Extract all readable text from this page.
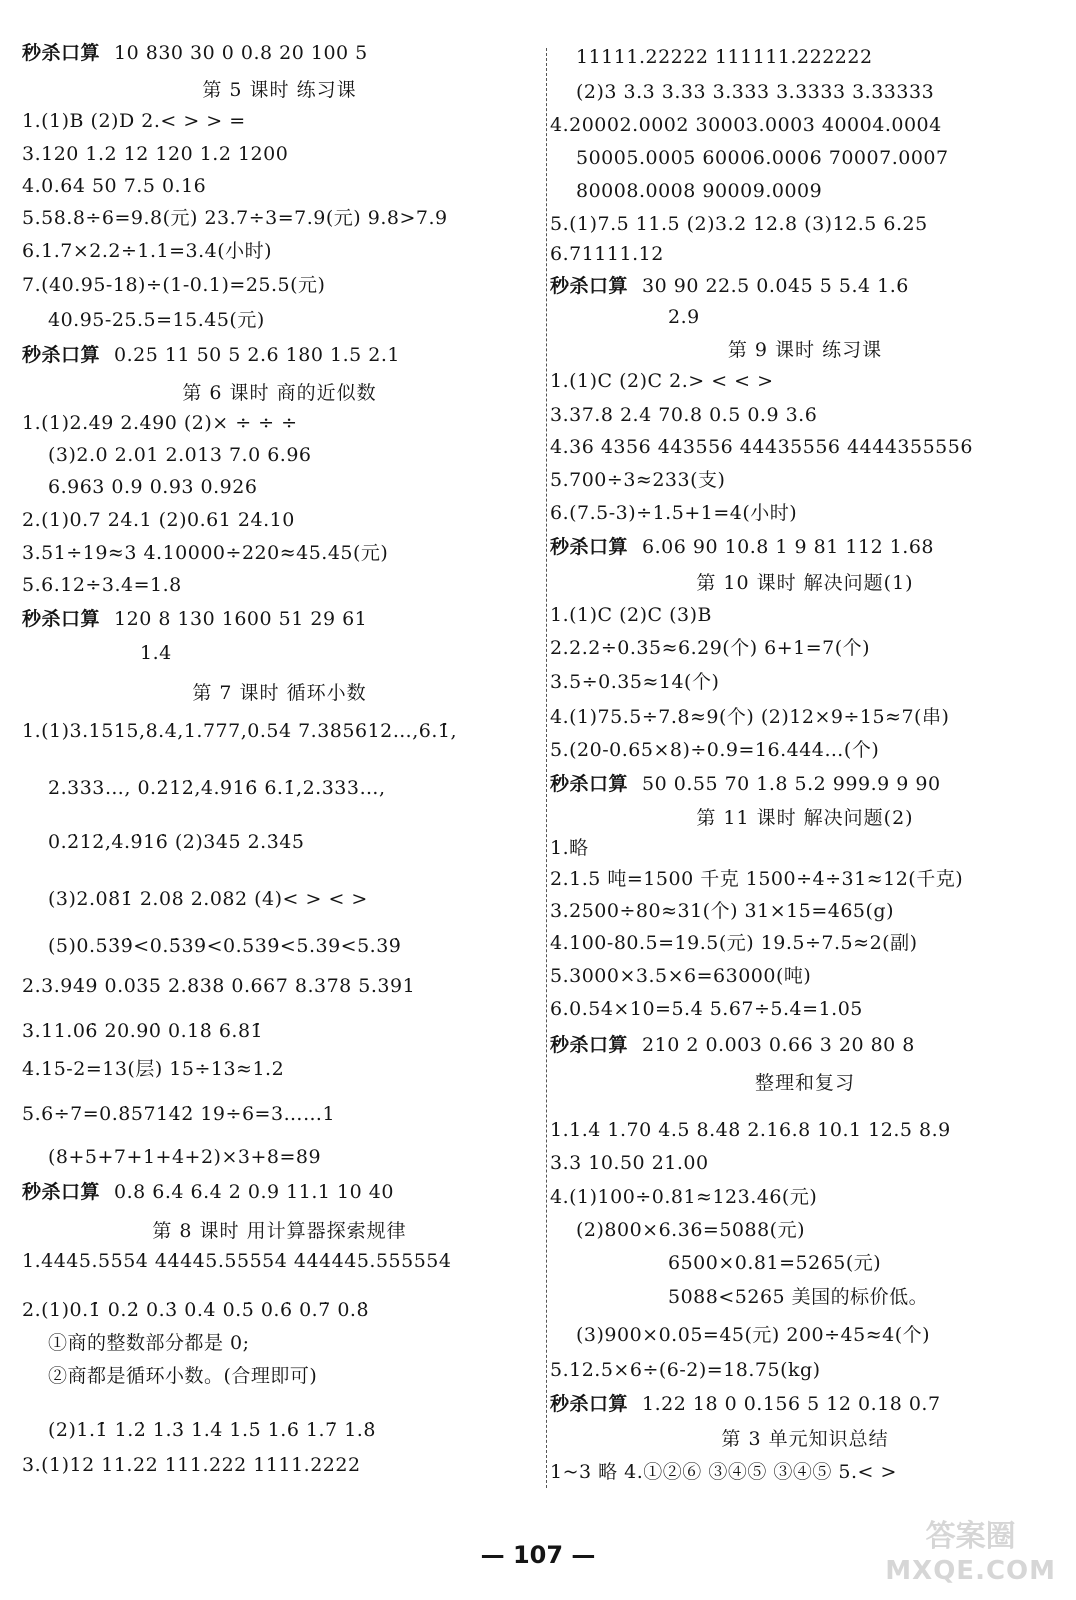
秒杀口算 10 830 30 0 0.8 20 100 5
第 5 课时 练习课
1.(1)B (2)D 2.< > > =
3.120 1.2 12 120 1.2 1200
4.0.64 50 7.5 0.16
5.58.8÷6=9.8(元) 23.7÷3=7.9(元) 9.8>7.9
6.1.7×2.2÷1.1=3.4(小时)
7.(40.95-18)÷(1-0.1)=25.5(元)
40.95-25.5=15.45(元)
秒杀口算 0.25 11 50 5 2.6 180 1.5 2.1
第 6 课时 商的近似数
1.(1)2.49 2.490 (2)× ÷ ÷ ÷
(3)2.0 2.01 2.013 7.0 6.96
6.963 0.9 0.93 0.926
2.(1)0.7 24.1 (2)0.61 24.10
3.51÷19≈3 4.10000÷220≈45.45(元)
5.6.12÷3.4=1.8
秒杀口算 120 8 130 1600 51 29 61
1.4
第 7 课时 循环小数
1.(1)3.1515,8.4,1.777,0.54 7.385612…,6.1̇,
2.333…, 0.2̇12̇,4.9̇16̇ 6.1̇,2.333…,
0.2̇12̇,4.9̇16̇ (2)345 2.3̇45̇
(3)2.08̇1̇ 2.08 2.082 (4)< > < >
(5)0.53̇9̇<0.5̇39̇<0.539̇<5.39<5.39̇
2.3.949 0.035 2.838 0.667 8.378 5.391
3.11.06̇ 20.90̇ 0.18̇ 6.81̇
4.15-2=13(层) 15÷13≈1.2
5.6÷7=0.8̇57142̇ 19÷6=3……1
(8+5+7+1+4+2)×3+8=89
秒杀口算 0.8 6.4 6.4 2 0.9 11.1 10 40
第 8 课时 用计算器探索规律
1.4445.5554 44445.55554 444445.555554
2.(1)0.1̇ 0.2̇ 0.3̇ 0.4̇ 0.5̇ 0.6̇ 0.7̇ 0.8̇
①商的整数部分都是 0;
②商都是循环小数。(合理即可)
(2)1.1̇ 1.2̇ 1.3̇ 1.4̇ 1.5̇ 1.6̇ 1.7̇ 1.8̇
3.(1)12 11.22 111.222 1111.2222
11111.22222 111111.222222
(2)3 3.3 3.33 3.333 3.3333 3.33333
4.20002.0002 30003.0003 40004.0004
50005.0005 60006.0006 70007.0007
80008.0008 90009.0009
5.(1)7.5 11.5 (2)3.2 12.8 (3)12.5 6.25
6.71111.12
秒杀口算 30 90 22.5 0.045 5 5.4 1.6
2.9
第 9 课时 练习课
1.(1)C (2)C 2.> < < >
3.37.8 2.4 70.8 0.5 0.9 3.6
4.36 4356 443556 44435556 4444355556
5.700÷3≈233(支)
6.(7.5-3)÷1.5+1=4(小时)
秒杀口算 6.06 90 10.8 1 9 81 112 1.68
第 10 课时 解决问题(1)
1.(1)C (2)C (3)B
2.2.2÷0.35≈6.29(个) 6+1=7(个)
3.5÷0.35≈14(个)
4.(1)75.5÷7.8≈9(个) (2)12×9÷15≈7(串)
5.(20-0.65×8)÷0.9=16.444…(个)
秒杀口算 50 0.55 70 1.8 5.2 999.9 9 90
第 11 课时 解决问题(2)
1.略
2.1.5 吨=1500 千克 1500÷4÷31≈12(千克)
3.2500÷80≈31(个) 31×15=465(g)
4.100-80.5=19.5(元) 19.5÷7.5≈2(副)
5.3000×3.5×6=63000(吨)
6.0.54×10=5.4 5.67÷5.4=1.05
秒杀口算 210 2 0.003 0.66 3 20 80 8
整理和复习
1.1.4̇ 1.70 4.5 8.4̇8̇ 2.16.8 10.1 12.5 8.9
3.3 10.50 21.00
4.(1)100÷0.81≈123.46(元)
(2)800×6.36=5088(元)
6500×0.81=5265(元)
5088<5265 美国的标价低。
(3)900×0.05=45(元) 200÷45≈4(个)
5.12.5×6÷(6-2)=18.75(kg)
秒杀口算 1.22 18 0 0.156 5 12 0.18 0.7
第 3 单元知识总结
1~3 略 4.①②⑥ ③④⑤ ③④⑤ 5.< >
— 107 —
答案圈
MXQE.COM
